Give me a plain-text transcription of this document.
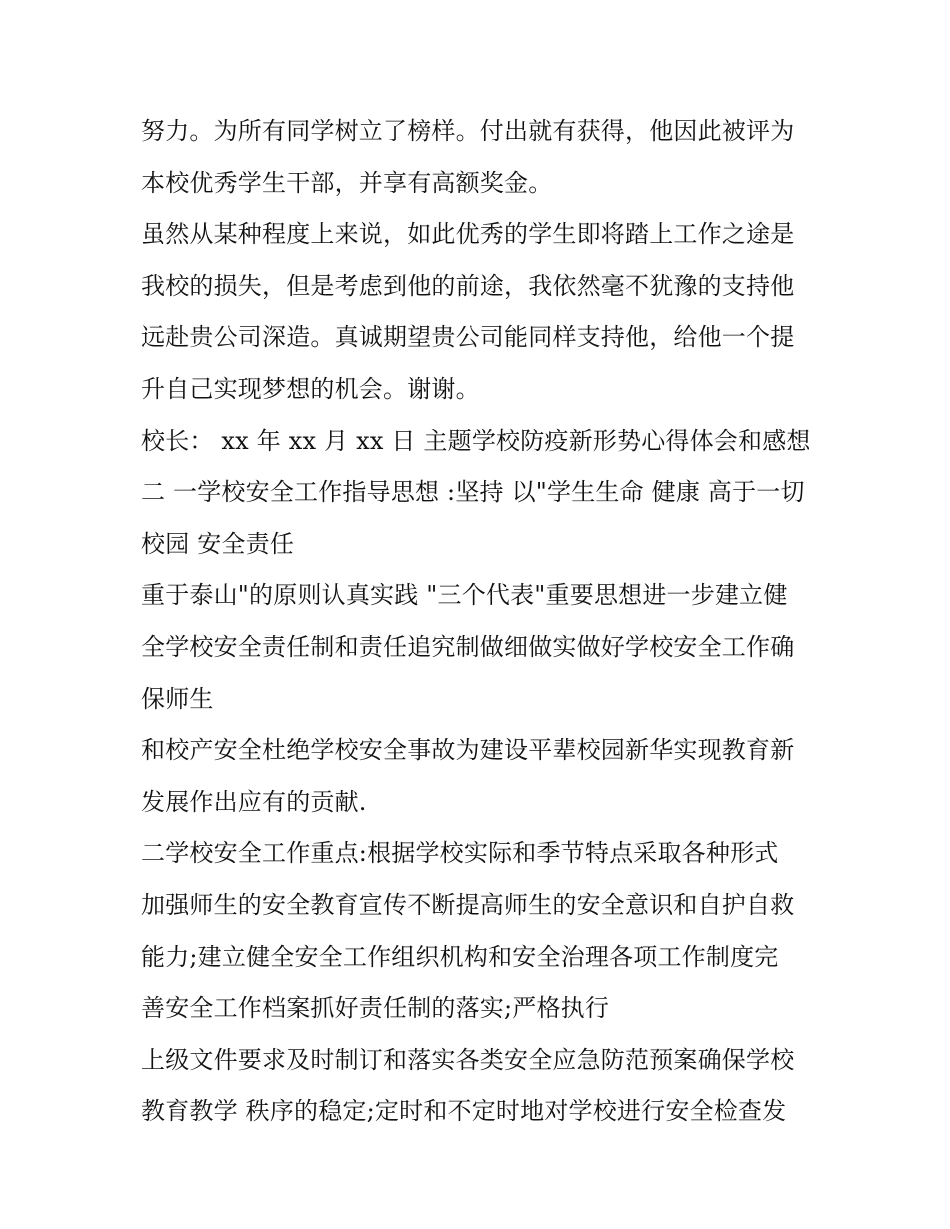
努力。为所有同学树立了榜样。付出就有获得，他因此被评为
本校优秀学生干部，并享有高额奖金。
虽然从某种程度上来说，如此优秀的学生即将踏上工作之途是
我校的损失，但是考虑到他的前途，我依然毫不犹豫的支持他
远赴贵公司深造。真诚期望贵公司能同样支持他，给他一个提
升自己实现梦想的机会。谢谢。
校长： xx 年 xx 月 xx 日 主题学校防疫新形势心得体会和感想
二 一学校安全工作指导思想 :坚持 以"学生生命 健康 高于一切
校园 安全责任
重于泰山"的原则认真实践 "三个代表"重要思想进一步建立健
全学校安全责任制和责任追究制做细做实做好学校安全工作确
保师生
和校产安全杜绝学校安全事故为建设平辈校园新华实现教育新
发展作出应有的贡献.
二学校安全工作重点:根据学校实际和季节特点采取各种形式
加强师生的安全教育宣传不断提高师生的安全意识和自护自救
能力;建立健全安全工作组织机构和安全治理各项工作制度完
善安全工作档案抓好责任制的落实;严格执行
上级文件要求及时制订和落实各类安全应急防范预案确保学校
教育教学 秩序的稳定;定时和不定时地对学校进行安全检查发
